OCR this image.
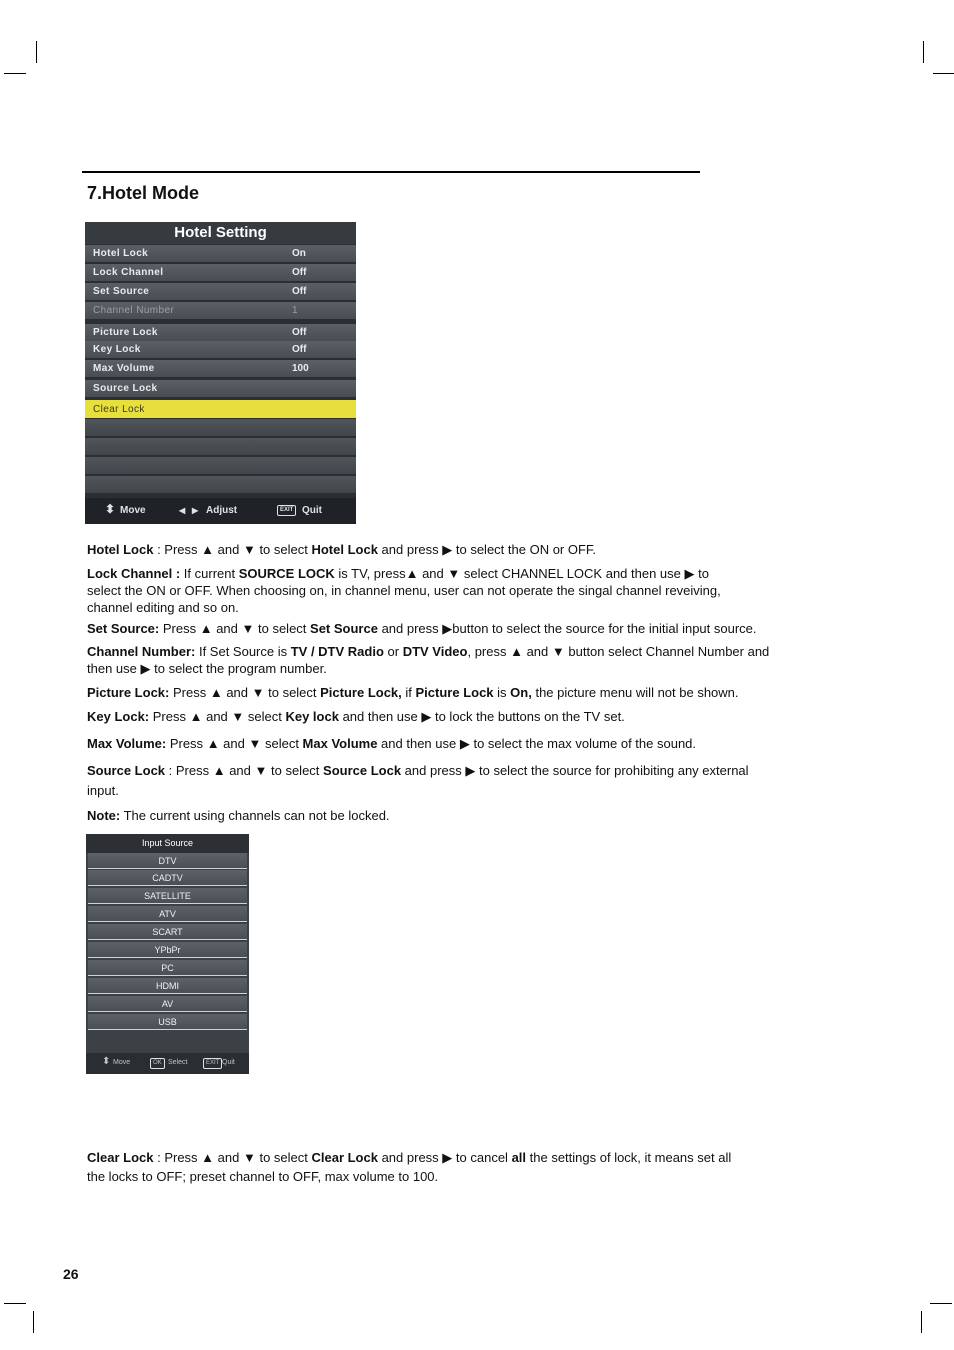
7.Hotel Mode
Hotel Setting
Hotel Lock	On
Lock Channel	Off
Set Source	Off
Channel Number	1
Picture Lock	Off
Key Lock	Off
Max Volume	100
Source Lock
Clear Lock
⬍ Move	◀ ▶ Adjust	EXIT Quit
Hotel Lock : Press ▲ and ▼ to select Hotel Lock and press ▶ to select the ON or OFF.
Lock Channel : If current SOURCE LOCK is TV, press▲ and ▼ select CHANNEL LOCK and then use ▶ to
select the ON or OFF. When choosing on, in channel menu, user can not operate the singal channel reveiving,
channel editing and so on.
Set Source: Press ▲ and ▼ to select Set Source and press ▶button to select the source for the initial input source.
Channel Number: If Set Source is TV / DTV Radio or DTV Video, press ▲ and ▼ button select Channel Number and
then use ▶ to select the program number.
Picture Lock: Press ▲ and ▼ to select Picture Lock, if Picture Lock is On, the picture menu will not be shown.
Key Lock: Press ▲ and ▼ select Key lock and then use ▶ to lock the buttons on the TV set.
Max Volume: Press ▲ and ▼ select Max Volume and then use ▶ to select the max volume of the sound.
Source Lock : Press ▲ and ▼ to select Source Lock and press ▶ to select the source for prohibiting any external
input.
Note: The current using channels can not be locked.
Input Source
DTV
CADTV
SATELLITE
ATV
SCART
YPbPr
PC
HDMI
AV
USB
⬍ Move	OK Select	EXIT Quit
Clear Lock : Press ▲ and ▼ to select Clear Lock and press ▶ to cancel all the settings of lock, it means set all
the locks to OFF; preset channel to OFF, max volume to 100.
26
